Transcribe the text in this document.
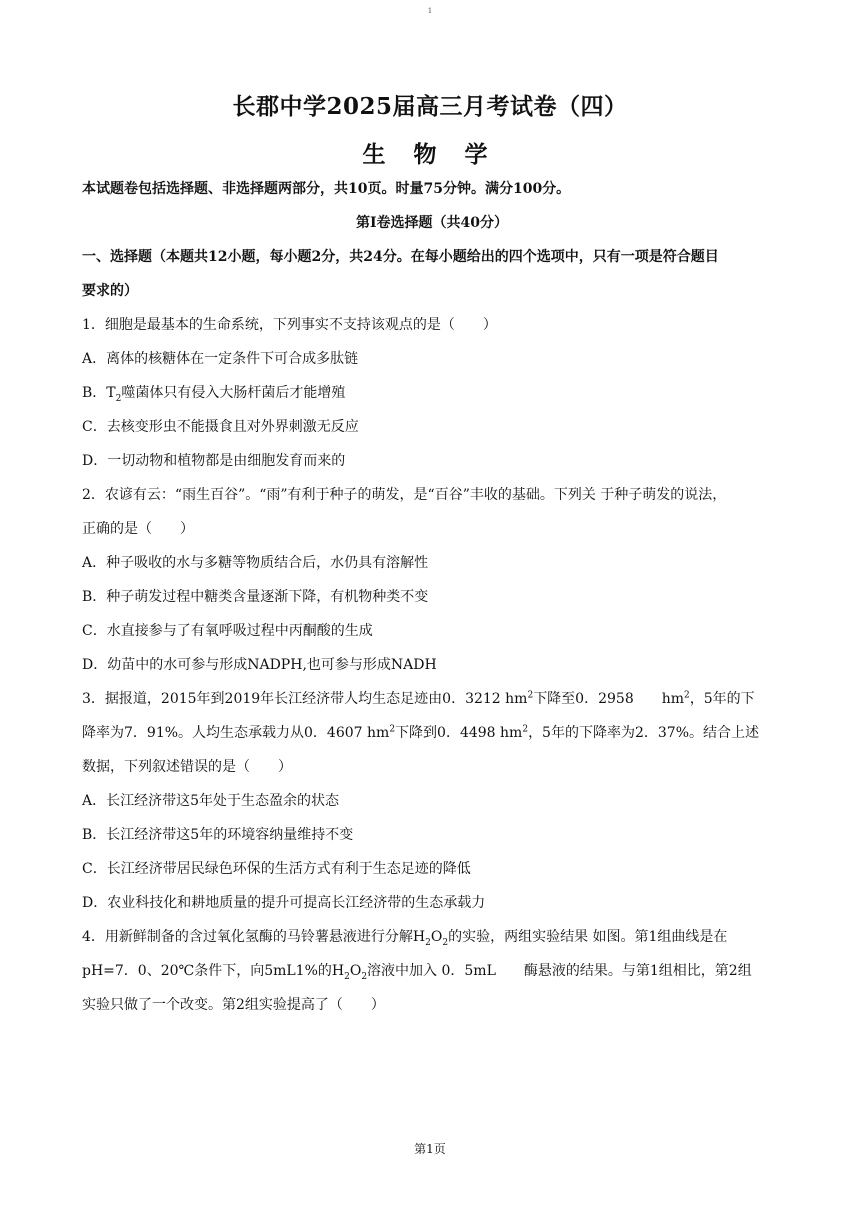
1
长郡中学2025届高三月考试卷（四）
生 物 学
本试题卷包括选择题、非选择题两部分，共10页。时量75分钟。满分100分。
第I卷选择题（共40分）
一、选择题（本题共12小题，每小题2分，共24分。在每小题给出的四个选项中，只有一项是符合题目
要求的）
1．细胞是最基本的生命系统，下列事实不支持该观点的是（　　）
A．离体的核糖体在一定条件下可合成多肽链
B．$T_2$噬菌体只有侵入大肠杆菌后才能增殖
C．去核变形虫不能摄食且对外界刺激无反应
D．一切动物和植物都是由细胞发育而来的
2．农谚有云：“雨生百谷”。“雨”有利于种子的萌发，是“百谷”丰收的基础。下列关 于种子萌发的说法，
正确的是（　　）
A．种子吸收的水与多糖等物质结合后，水仍具有溶解性
B．种子萌发过程中糖类含量逐渐下降，有机物种类不变
C．水直接参与了有氧呼吸过程中丙酮酸的生成
D．幼苗中的水可参与形成NADPH,也可参与形成NADH
3．据报道，2015年到2019年长江经济带人均生态足迹由0．3212 $hm^2$下降至0．2958　　$hm^2$，5年的下
降率为7．91%。人均生态承载力从0．4607 $hm^2$下降到0．4498 $hm^2$，5年的下降率为2．37%。结合上述
数据，下列叙述错误的是（　　）
A．长江经济带这5年处于生态盈余的状态
B．长江经济带这5年的环境容纳量维持不变
C．长江经济带居民绿色环保的生活方式有利于生态足迹的降低
D．农业科技化和耕地质量的提升可提高长江经济带的生态承载力
4．用新鲜制备的含过氧化氢酶的马铃薯悬液进行分解$H_2O_2$的实验，两组实验结果 如图。第1组曲线是在
pH=7．0、20℃条件下，向5mL1%的$H_2O_2$溶液中加入 0．5mL　　酶悬液的结果。与第1组相比，第2组
实验只做了一个改变。第2组实验提高了（　　）
第1页
